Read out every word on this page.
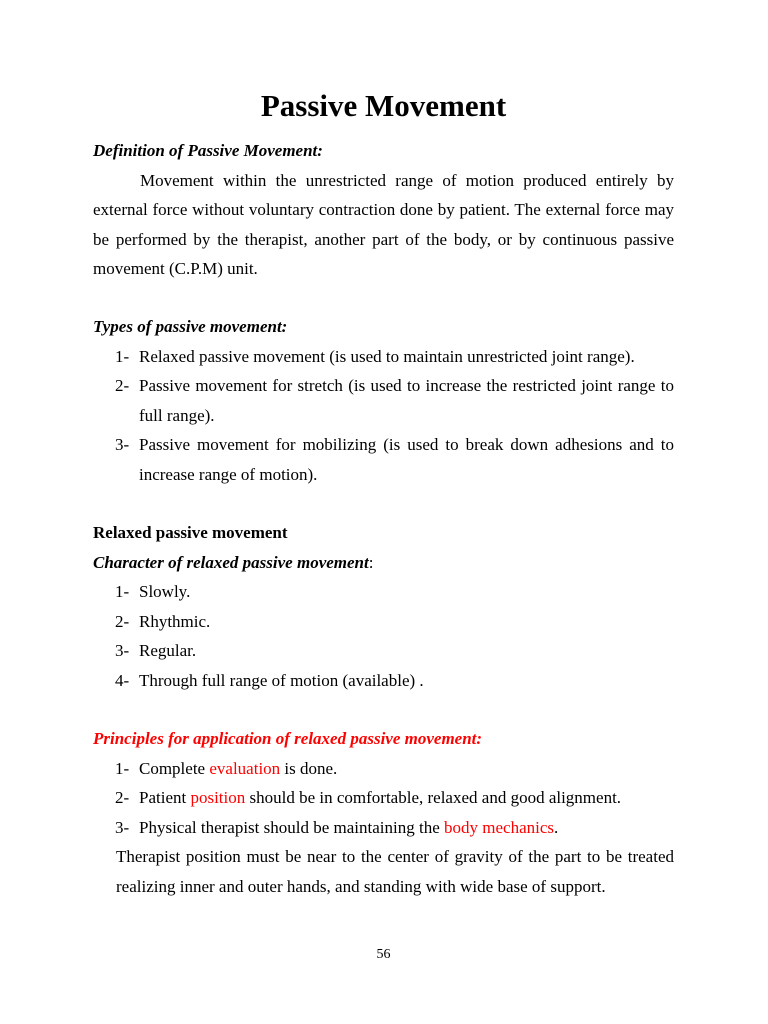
Passive Movement

Definition of Passive Movement:

Movement within the unrestricted range of motion produced entirely by external force without voluntary contraction done by patient. The external force may be performed by the therapist, another part of the body, or by continuous passive movement (C.P.M) unit.

Types of passive movement:

1- Relaxed passive movement (is used to maintain unrestricted joint range).
2- Passive movement for stretch (is used to increase the restricted joint range to full range).
3- Passive movement for mobilizing (is used to break down adhesions and to increase range of motion).

Relaxed passive movement

Character of relaxed passive movement:

1- Slowly.
2- Rhythmic.
3- Regular.
4- Through full range of motion (available) .

Principles for application of relaxed passive movement:

1- Complete evaluation is done.
2- Patient position should be in comfortable, relaxed and good alignment.
3- Physical therapist should be maintaining the body mechanics.

Therapist position must be near to the center of gravity of the part to be treated realizing inner and outer hands, and standing with wide base of support.

56
